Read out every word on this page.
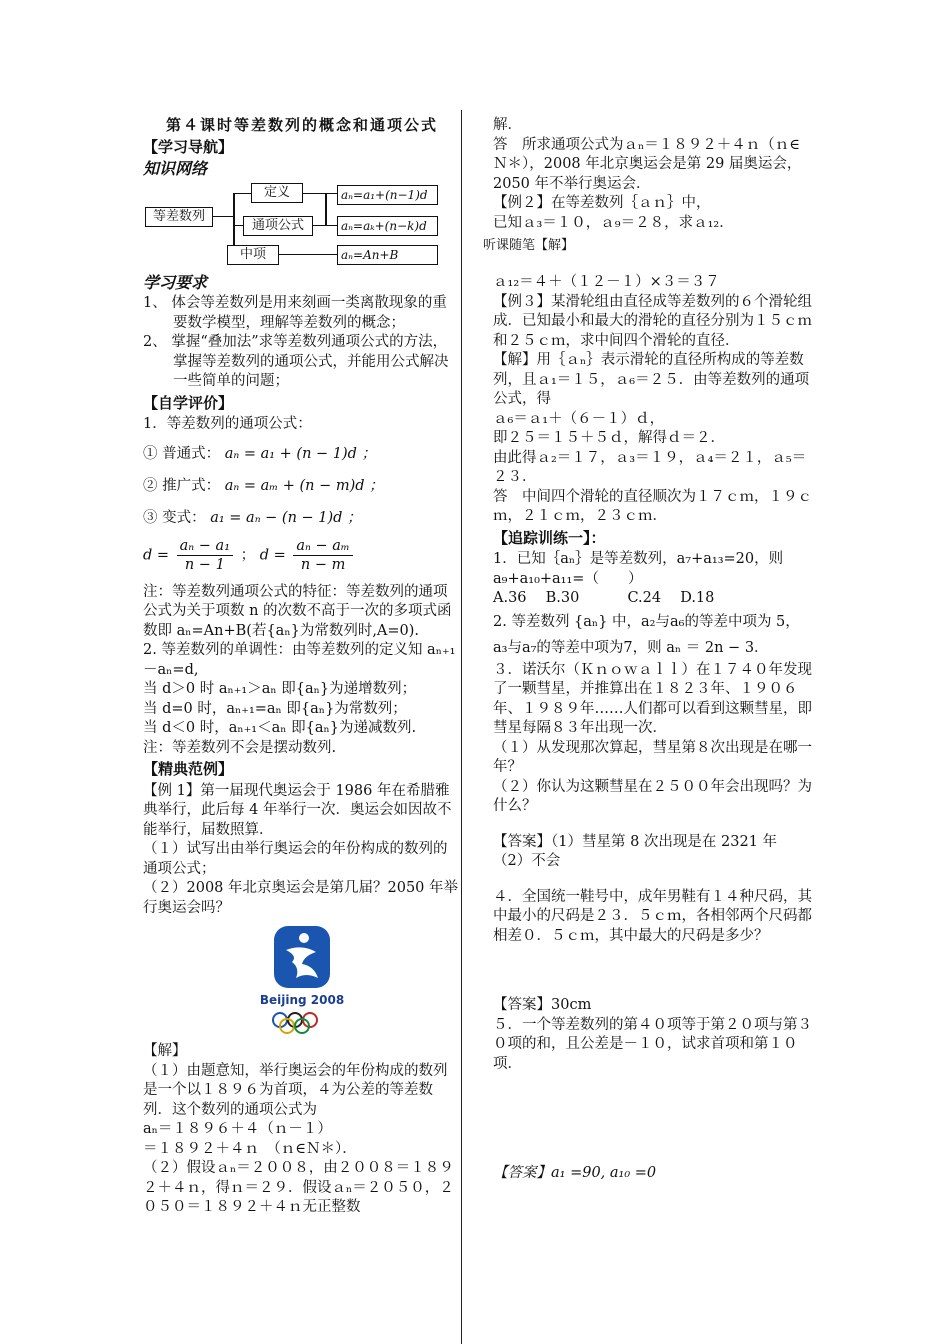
第４课时等差数列的概念和通项公式

【学习导航】

知识网络

等差数列
定义
通项公式
中项
aₙ=a₁+(n−1)d
aₙ=aₖ+(n−k)d
aₙ=An+B

学习要求

1、 体会等差数列是用来刻画一类离散现象的重要数学模型，理解等差数列的概念；

2、 掌握“叠加法”求等差数列通项公式的方法，掌握等差数列的通项公式，并能用公式解决一些简单的问题；

【自学评价】

1．等差数列的通项公式：

① 普通式： aₙ = a₁ + (n − 1)d ；
② 推广式： aₙ = aₘ + (n − m)d ；
③ 变式： a₁ = aₙ − (n − 1)d ；
$d = \frac{\text{aₙ − a₁}}{n - 1}$ ； $d = \frac{\text{aₙ − aₘ}}{n - m}$

注：等差数列通项公式的特征：等差数列的通项公式为关于项数 n 的次数不高于一次的多项式函数即 aₙ=An+B(若{aₙ}为常数列时,A=0).

2. 等差数列的单调性：由等差数列的定义知 aₙ₊₁－aₙ=d,

当 d＞0 时 aₙ₊₁＞aₙ 即{aₙ}为递增数列；

当 d=0 时，aₙ₊₁=aₙ 即{aₙ}为常数列；

当 d＜0 时，aₙ₊₁＜aₙ 即{aₙ}为递减数列.

注：等差数列不会是摆动数列.

【精典范例】

【例 1】第一届现代奥运会于 1986 年在希腊雅典举行，此后每 4 年举行一次．奥运会如因故不能举行，届数照算．

（１）试写出由举行奥运会的年份构成的数列的通项公式；

（２）2008 年北京奥运会是第几届？2050 年举行奥运会吗？

Beijing 2008

【解】

（１）由题意知，举行奥运会的年份构成的数列是一个以１８９６为首项，４为公差的等差数列．这个数列的通项公式为

aₙ＝１８９６＋４（ｎ－１）

＝１８９２＋４ｎ　（ｎ∈Ｎ＊）．

（２）假设ａₙ＝２００８，由２００８＝１８９２＋４ｎ，得ｎ＝２９．假设ａₙ＝２０５０，２０５０＝１８９２＋４ｎ无正整数

解．

答　所求通项公式为ａₙ＝１８９２＋４ｎ（ｎ∈Ｎ＊），2008 年北京奥运会是第 29 届奥运会，2050 年不举行奥运会．

【例２】在等差数列｛ａｎ｝中，

已知ａ₃＝１０，ａ₉＝２８，求ａ₁₂．

ａ₁₂＝４＋（１２－１）×３＝３７

【例３】某滑轮组由直径成等差数列的６个滑轮组成．已知最小和最大的滑轮的直径分别为１５ｃｍ和２５ｃｍ，求中间四个滑轮的直径．

【解】用｛ａₙ｝表示滑轮的直径所构成的等差数列，且ａ₁＝１５，ａ₆＝２５．由等差数列的通项公式，得

ａ₆＝ａ₁＋（６－１）ｄ，

即２５＝１５＋５ｄ，解得ｄ＝２．

由此得ａ₂＝１７，ａ₃＝１９，ａ₄＝２１，ａ₅＝２３．

答　中间四个滑轮的直径顺次为１７ｃｍ，１９ｃｍ，２１ｃｍ，２３ｃｍ．

【追踪训练一】：

1．已知｛aₙ｝是等差数列，a₇+a₁₃=20，则 a₉+a₁₀+a₁₁=（　　）

A.36　 B.30　　　 C.24　 D.18

2. 等差数列 {aₙ} 中，a₂与a₆的等差中项为 5，a₃与a₇的等差中项为7，则 aₙ ＝ 2n − 3．

３．诺沃尔（Ｋｎｏｗａｌｌ）在１７４０年发现了一颗彗星，并推算出在１８２３年、１９０６年、１９８９年……人们都可以看到这颗彗星，即彗星每隔８３年出现一次．

（１）从发现那次算起，彗星第８次出现是在哪一年？

（２）你认为这颗彗星在２５００年会出现吗？为什么？

【答案】（1）彗星第 8 次出现是在 2321 年

（2）不会

４．全国统一鞋号中，成年男鞋有１４种尺码，其中最小的尺码是２３．５ｃｍ，各相邻两个尺码都相差０．５ｃｍ，其中最大的尺码是多少？

【答案】30cm

５．一个等差数列的第４０项等于第２０项与第３０项的和，且公差是－１０，试求首项和第１０项．

【答案】a₁ =90, a₁₀ =0

听课随笔【解】
